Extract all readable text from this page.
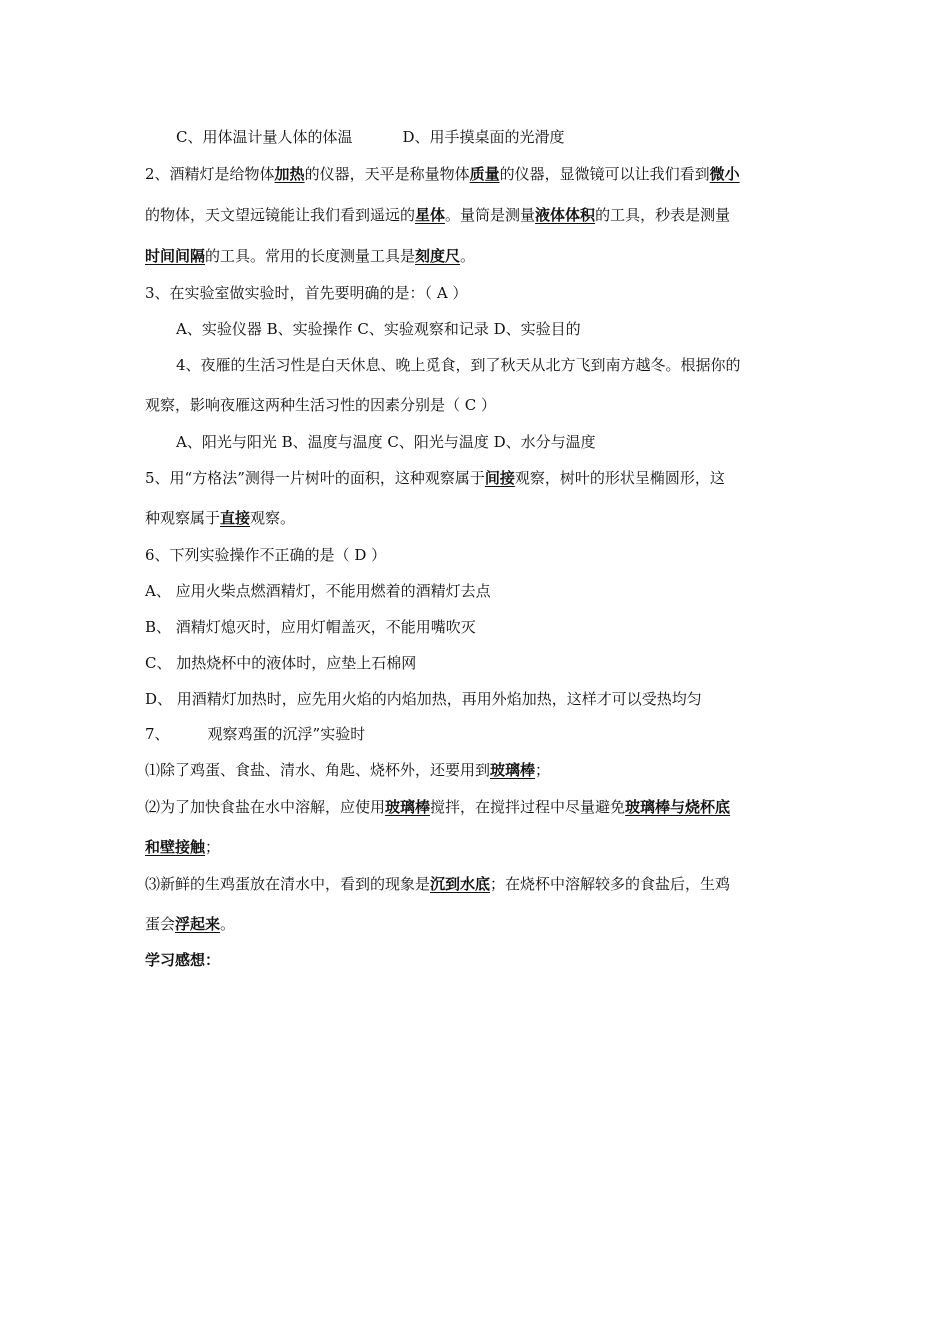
C、用体温计量人体的体温	D、用手摸桌面的光滑度
2、酒精灯是给物体加热的仪器，天平是称量物体质量的仪器，显微镜可以让我们看到微小
的物体，天文望远镜能让我们看到遥远的星体。量筒是测量液体体积的工具，秒表是测量
时间间隔的工具。常用的长度测量工具是刻度尺。
3、在实验室做实验时，首先要明确的是：（ A ）
A、实验仪器 B、实验操作 C、实验观察和记录 D、实验目的
4、夜雁的生活习性是白天休息、晚上觅食，到了秋天从北方飞到南方越冬。根据你的
观察，影响夜雁这两种生活习性的因素分别是（ C ）
A、阳光与阳光 B、温度与温度 C、阳光与温度 D、水分与温度
5、用“方格法”测得一片树叶的面积，这种观察属于间接观察，树叶的形状呈椭圆形，这
种观察属于直接观察。
6、下列实验操作不正确的是（ D ）
A、 应用火柴点燃酒精灯，不能用燃着的酒精灯去点
B、 酒精灯熄灭时，应用灯帽盖灭，不能用嘴吹灭
C、 加热烧杯中的液体时，应垫上石棉网
D、 用酒精灯加热时，应先用火焰的内焰加热，再用外焰加热，这样才可以受热均匀
7、	观察鸡蛋的沉浮”实验时
⑴除了鸡蛋、食盐、清水、角匙、烧杯外，还要用到玻璃棒；
⑵为了加快食盐在水中溶解，应使用玻璃棒搅拌，在搅拌过程中尽量避免玻璃棒与烧杯底
和壁接触；
⑶新鲜的生鸡蛋放在清水中，看到的现象是沉到水底；在烧杯中溶解较多的食盐后，生鸡
蛋会浮起来。
学习感想：
